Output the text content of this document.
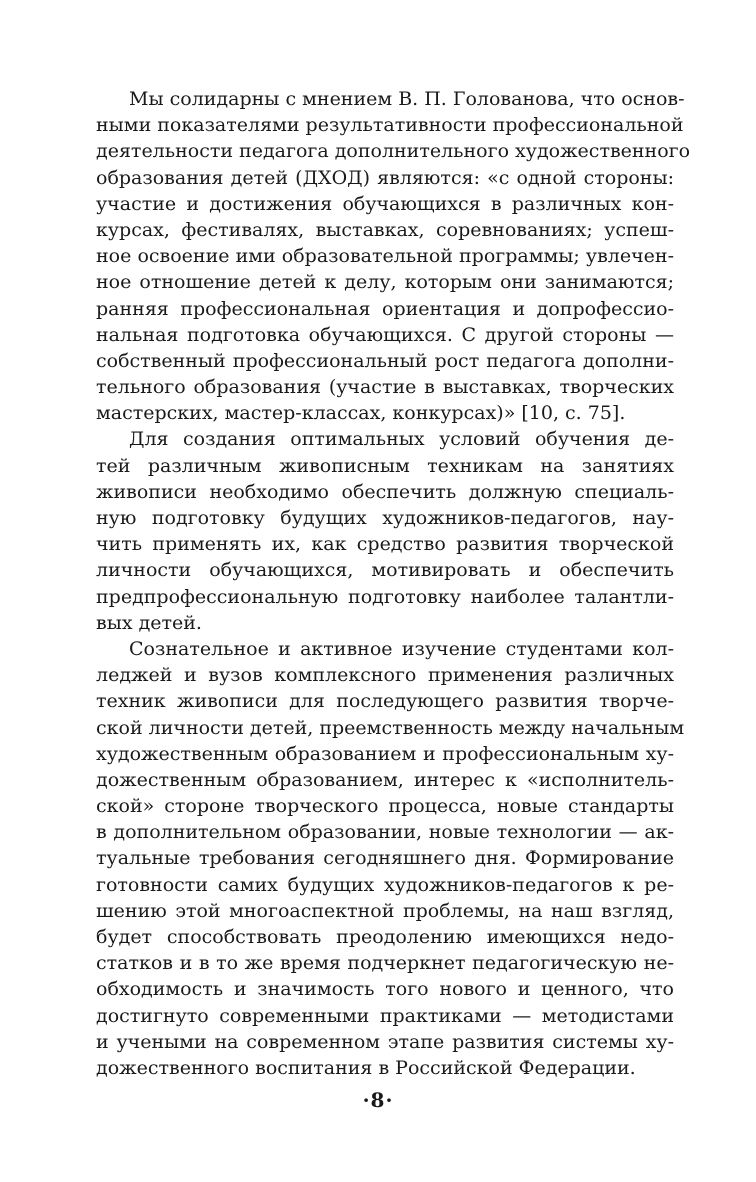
Мы солидарны с мнением В. П. Голованова, что основ-
ными показателями результативности профессиональной
деятельности педагога дополнительного художественного
образования детей (ДХОД) являются: «с одной стороны:
участие и достижения обучающихся в различных кон-
курсах, фестивалях, выставках, соревнованиях; успеш-
ное освоение ими образовательной программы; увлечен-
ное отношение детей к делу, которым они занимаются;
ранняя профессиональная ориентация и допрофессио-
нальная подготовка обучающихся. С другой стороны —
собственный профессиональный рост педагога дополни-
тельного образования (участие в выставках, творческих
мастерских, мастер-классах, конкурсах)» [10, с. 75].
Для создания оптимальных условий обучения де-
тей различным живописным техникам на занятиях
живописи необходимо обеспечить должную специаль-
ную подготовку будущих художников-педагогов, нау-
чить применять их, как средство развития творческой
личности обучающихся, мотивировать и обеспечить
предпрофессиональную подготовку наиболее талантли-
вых детей.
Сознательное и активное изучение студентами кол-
леджей и вузов комплексного применения различных
техник живописи для последующего развития творче-
ской личности детей, преемственность между начальным
художественным образованием и профессиональным ху-
дожественным образованием, интерес к «исполнитель-
ской» стороне творческого процесса, новые стандарты
в дополнительном образовании, новые технологии — ак-
туальные требования сегодняшнего дня. Формирование
готовности самих будущих художников-педагогов к ре-
шению этой многоаспектной проблемы, на наш взгляд,
будет способствовать преодолению имеющихся недо-
статков и в то же время подчеркнет педагогическую не-
обходимость и значимость того нового и ценного, что
достигнуто современными практиками — методистами
и учеными на современном этапе развития системы ху-
дожественного воспитания в Российской Федерации.
·8·
